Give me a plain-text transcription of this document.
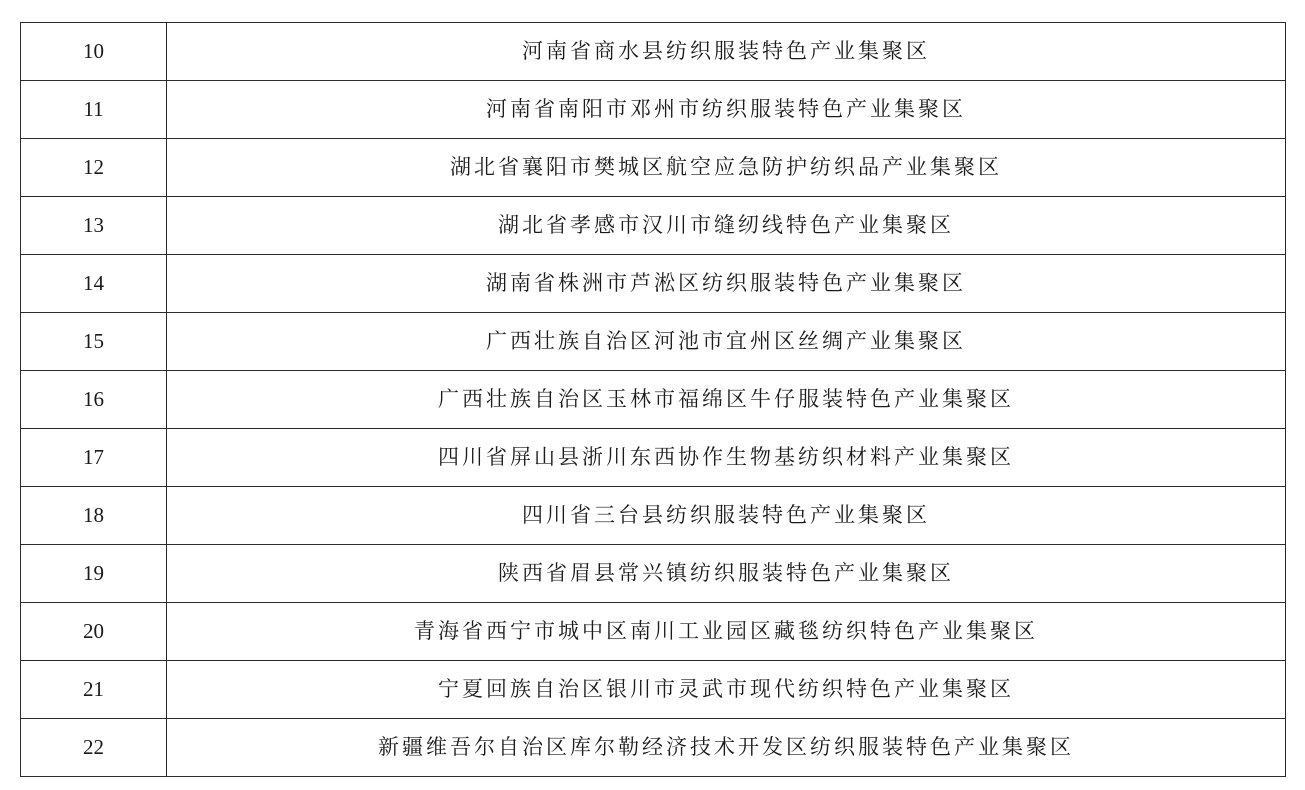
10	河南省商水县纺织服装特色产业集聚区
11	河南省南阳市邓州市纺织服装特色产业集聚区
12	湖北省襄阳市樊城区航空应急防护纺织品产业集聚区
13	湖北省孝感市汉川市缝纫线特色产业集聚区
14	湖南省株洲市芦淞区纺织服装特色产业集聚区
15	广西壮族自治区河池市宜州区丝绸产业集聚区
16	广西壮族自治区玉林市福绵区牛仔服装特色产业集聚区
17	四川省屏山县浙川东西协作生物基纺织材料产业集聚区
18	四川省三台县纺织服装特色产业集聚区
19	陕西省眉县常兴镇纺织服装特色产业集聚区
20	青海省西宁市城中区南川工业园区藏毯纺织特色产业集聚区
21	宁夏回族自治区银川市灵武市现代纺织特色产业集聚区
22	新疆维吾尔自治区库尔勒经济技术开发区纺织服装特色产业集聚区
